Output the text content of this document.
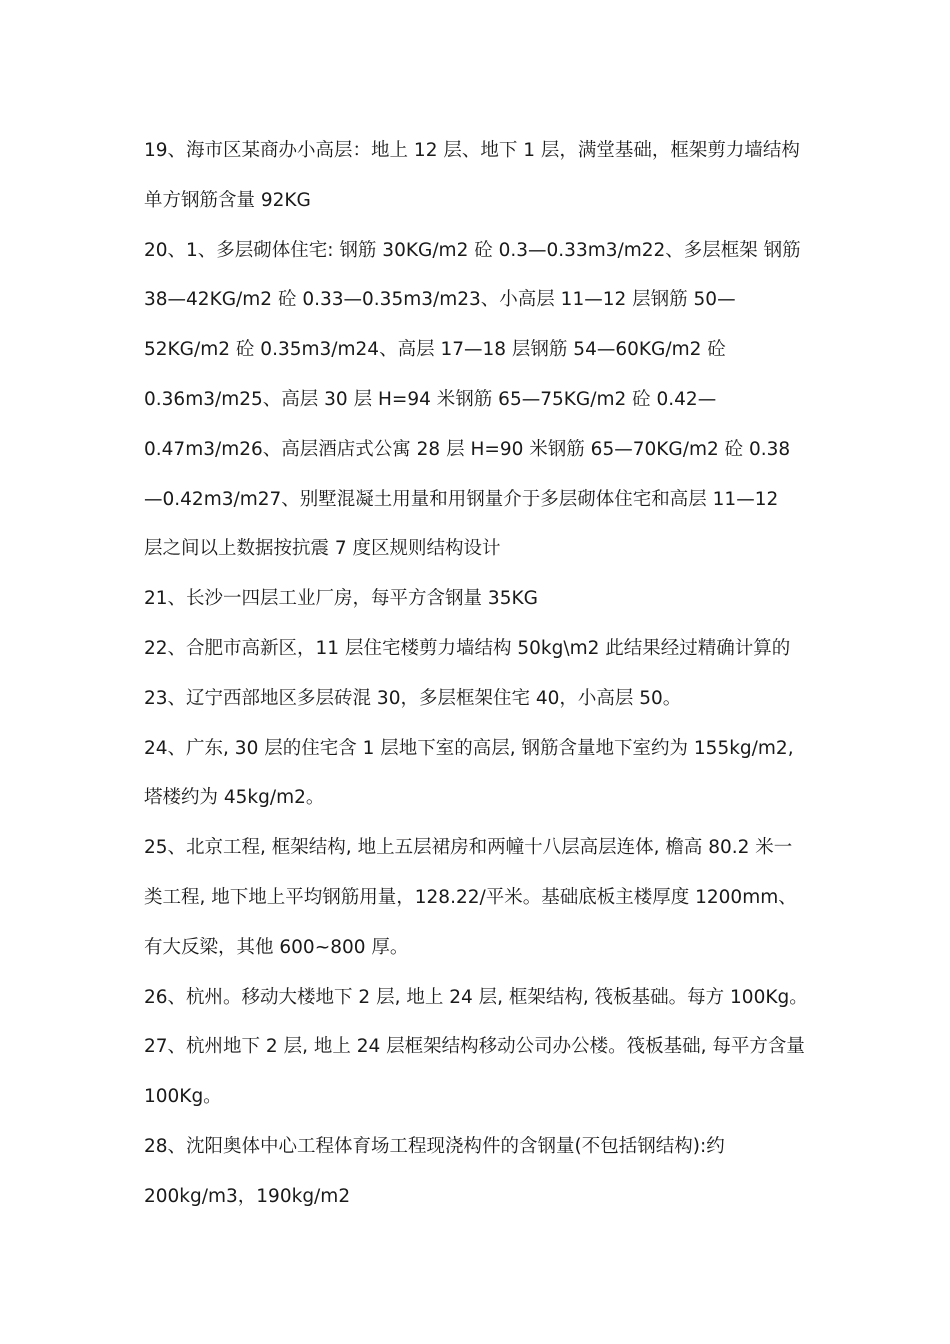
19、海市区某商办小高层：地上 12 层、地下 1 层，满堂基础，框架剪力墙结构
单方钢筋含量 92KG
20、1、多层砌体住宅: 钢筋 30KG/m2 砼 0.3—0.33m3/m22、多层框架 钢筋
38—42KG/m2 砼 0.33—0.35m3/m23、小高层 11—12 层钢筋 50—
52KG/m2 砼 0.35m3/m24、高层 17—18 层钢筋 54—60KG/m2 砼
0.36m3/m25、高层 30 层 H=94 米钢筋 65—75KG/m2 砼 0.42—
0.47m3/m26、高层酒店式公寓 28 层 H=90 米钢筋 65—70KG/m2 砼 0.38
—0.42m3/m27、别墅混凝土用量和用钢量介于多层砌体住宅和高层 11—12
层之间以上数据按抗震 7 度区规则结构设计
21、长沙一四层工业厂房，每平方含钢量 35KG
22、合肥市高新区，11 层住宅楼剪力墙结构 50kg\m2 此结果经过精确计算的
23、辽宁西部地区多层砖混 30，多层框架住宅 40，小高层 50。
24、广东, 30 层的住宅含 1 层地下室的高层, 钢筋含量地下室约为 155kg/m2,
塔楼约为 45kg/m2。
25、北京工程, 框架结构, 地上五层裙房和两幢十八层高层连体, 檐高 80.2 米一
类工程, 地下地上平均钢筋用量，128.22/平米。基础底板主楼厚度 1200mm、
有大反梁，其他 600~800 厚。
26、杭州。移动大楼地下 2 层, 地上 24 层, 框架结构, 筏板基础。每方 100Kg。
27、杭州地下 2 层, 地上 24 层框架结构移动公司办公楼。筏板基础, 每平方含量
100Kg。
28、沈阳奥体中心工程体育场工程现浇构件的含钢量(不包括钢结构):约
200kg/m3，190kg/m2
